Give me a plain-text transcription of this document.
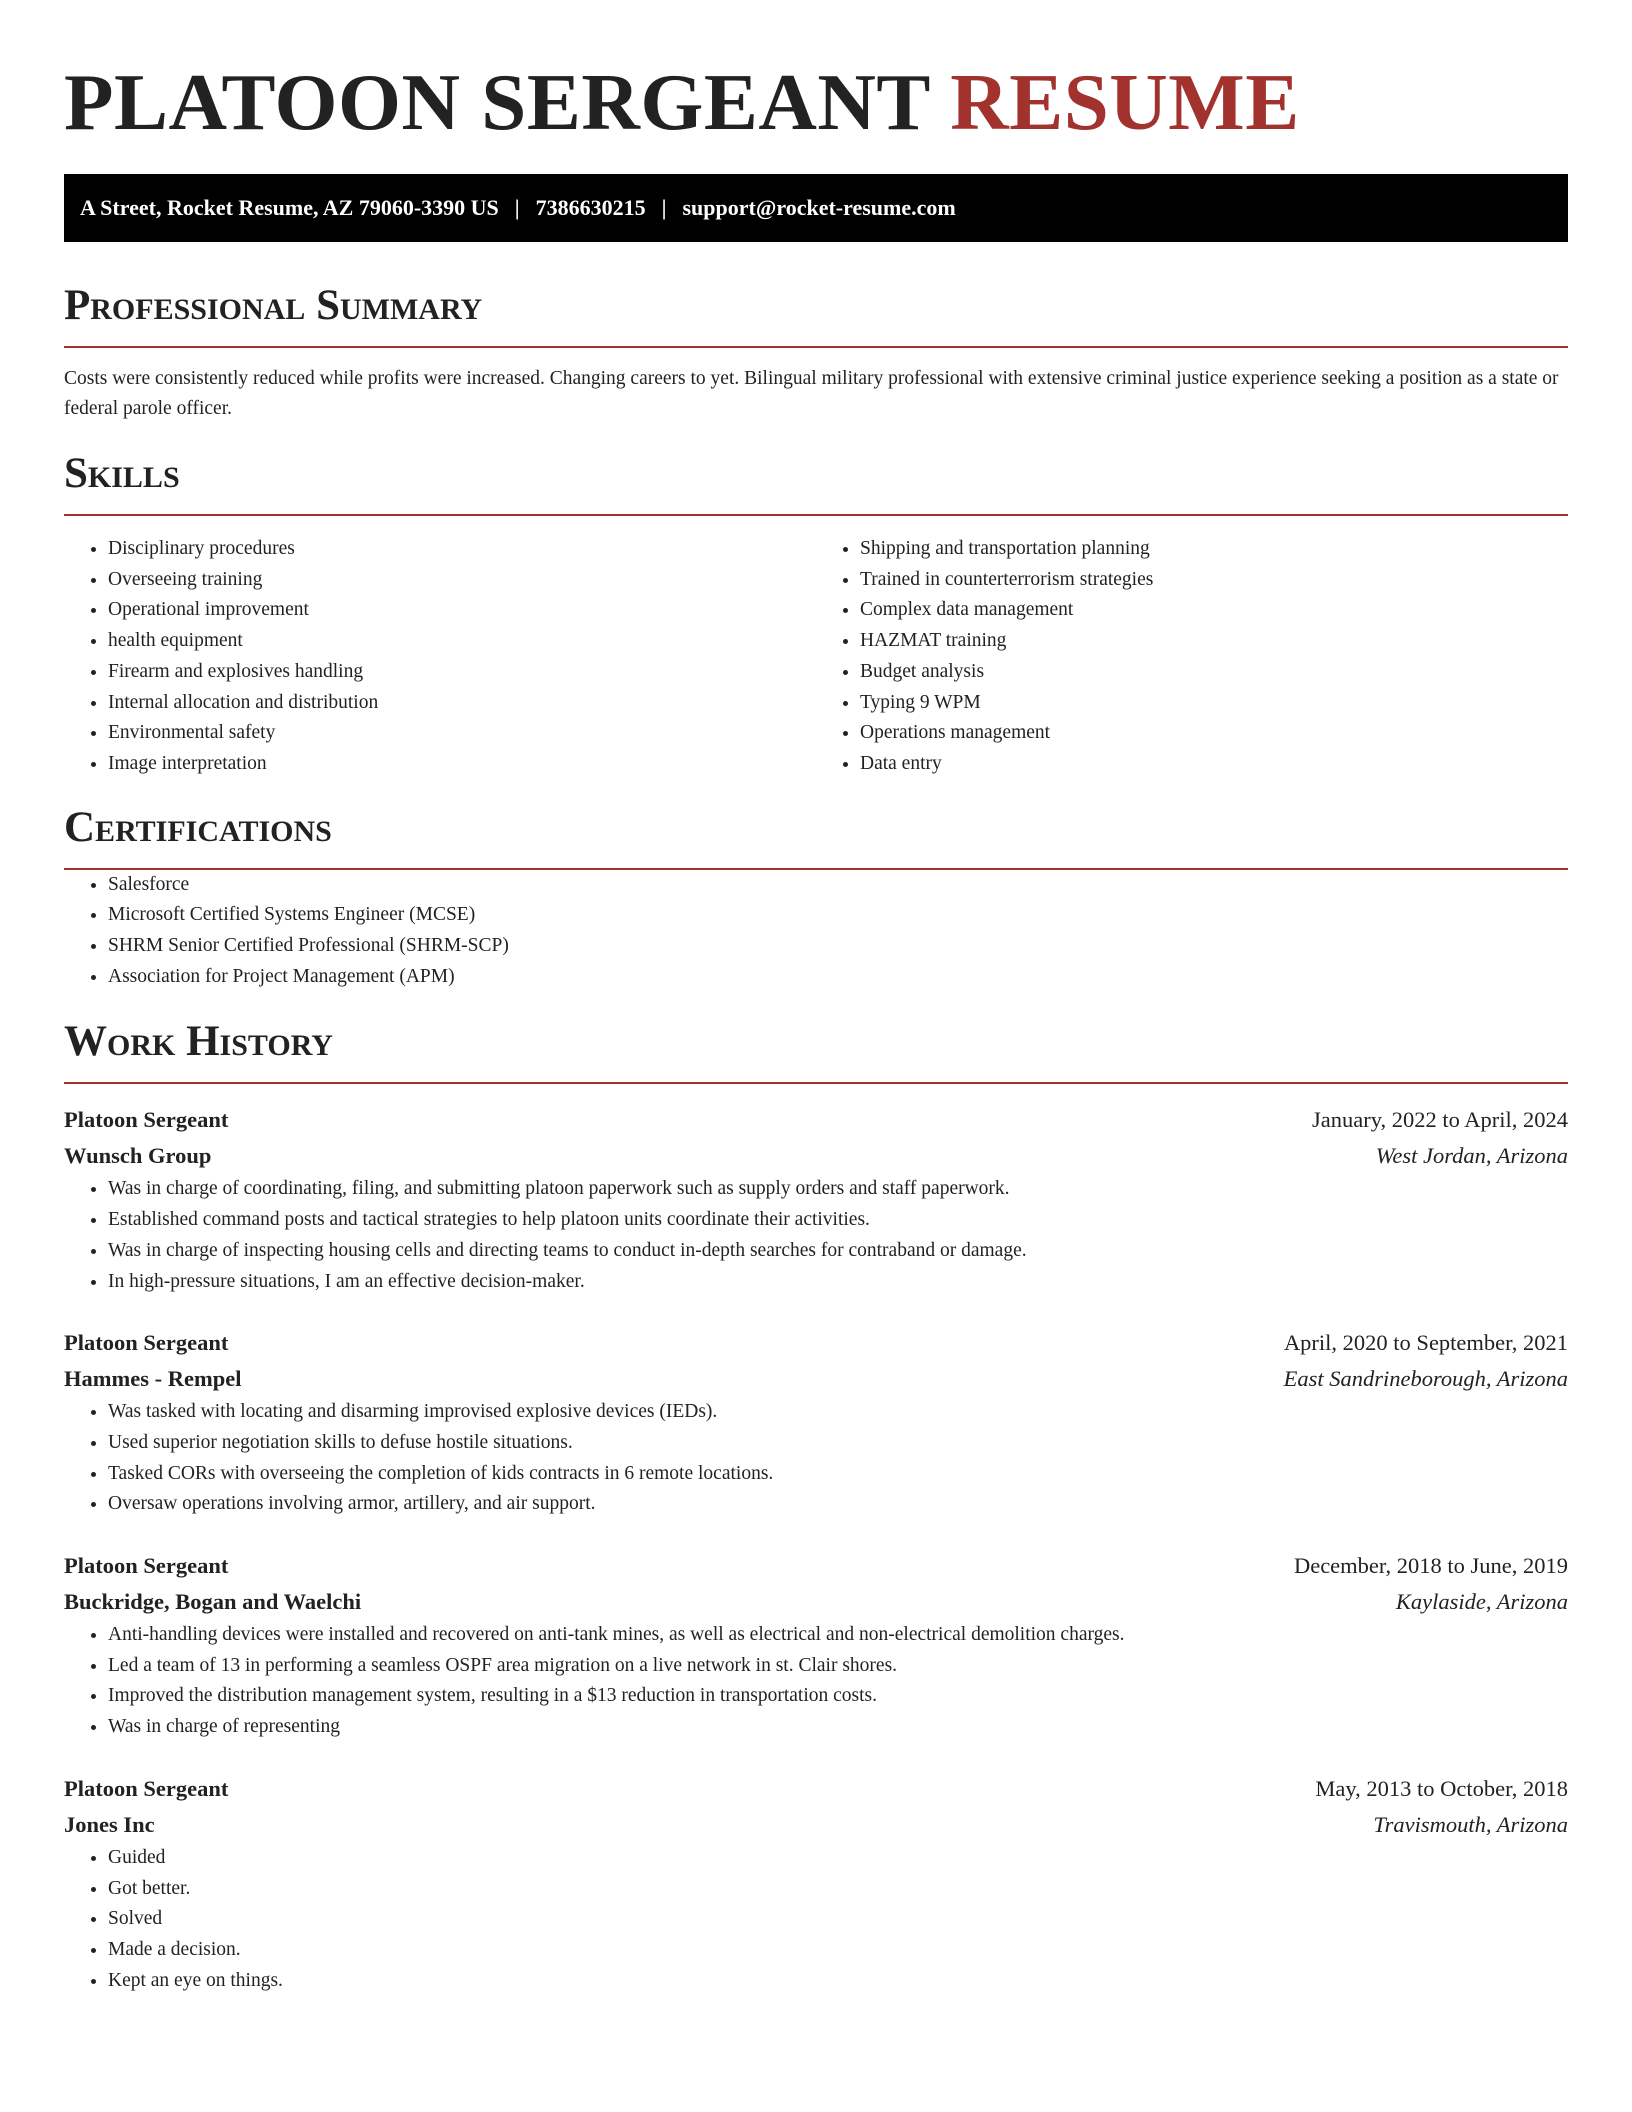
PLATOON SERGEANT RESUME
A Street, Rocket Resume, AZ 79060-3390 US | 7386630215 | support@rocket-resume.com
Professional Summary

Costs were consistently reduced while profits were increased. Changing careers to yet. Bilingual military professional with extensive criminal justice experience seeking a position as a state or federal parole officer.

Skills
• Disciplinary procedures
• Overseeing training
• Operational improvement
• health equipment
• Firearm and explosives handling
• Internal allocation and distribution
• Environmental safety
• Image interpretation
• Shipping and transportation planning
• Trained in counterterrorism strategies
• Complex data management
• HAZMAT training
• Budget analysis
• Typing 9 WPM
• Operations management
• Data entry
Certifications
• Salesforce
• Microsoft Certified Systems Engineer (MCSE)
• SHRM Senior Certified Professional (SHRM-SCP)
• Association for Project Management (APM)
Work History
Platoon Sergeant	January, 2022 to April, 2024
Wunsch Group	West Jordan, Arizona
• Was in charge of coordinating, filing, and submitting platoon paperwork such as supply orders and staff paperwork.
• Established command posts and tactical strategies to help platoon units coordinate their activities.
• Was in charge of inspecting housing cells and directing teams to conduct in-depth searches for contraband or damage.
• In high-pressure situations, I am an effective decision-maker.
Platoon Sergeant	April, 2020 to September, 2021
Hammes - Rempel	East Sandrineborough, Arizona
• Was tasked with locating and disarming improvised explosive devices (IEDs).
• Used superior negotiation skills to defuse hostile situations.
• Tasked CORs with overseeing the completion of kids contracts in 6 remote locations.
• Oversaw operations involving armor, artillery, and air support.
Platoon Sergeant	December, 2018 to June, 2019
Buckridge, Bogan and Waelchi	Kaylaside, Arizona
• Anti-handling devices were installed and recovered on anti-tank mines, as well as electrical and non-electrical demolition charges.
• Led a team of 13 in performing a seamless OSPF area migration on a live network in st. Clair shores.
• Improved the distribution management system, resulting in a $13 reduction in transportation costs.
• Was in charge of representing
Platoon Sergeant	May, 2013 to October, 2018
Jones Inc	Travismouth, Arizona
• Guided
• Got better.
• Solved
• Made a decision.
• Kept an eye on things.
